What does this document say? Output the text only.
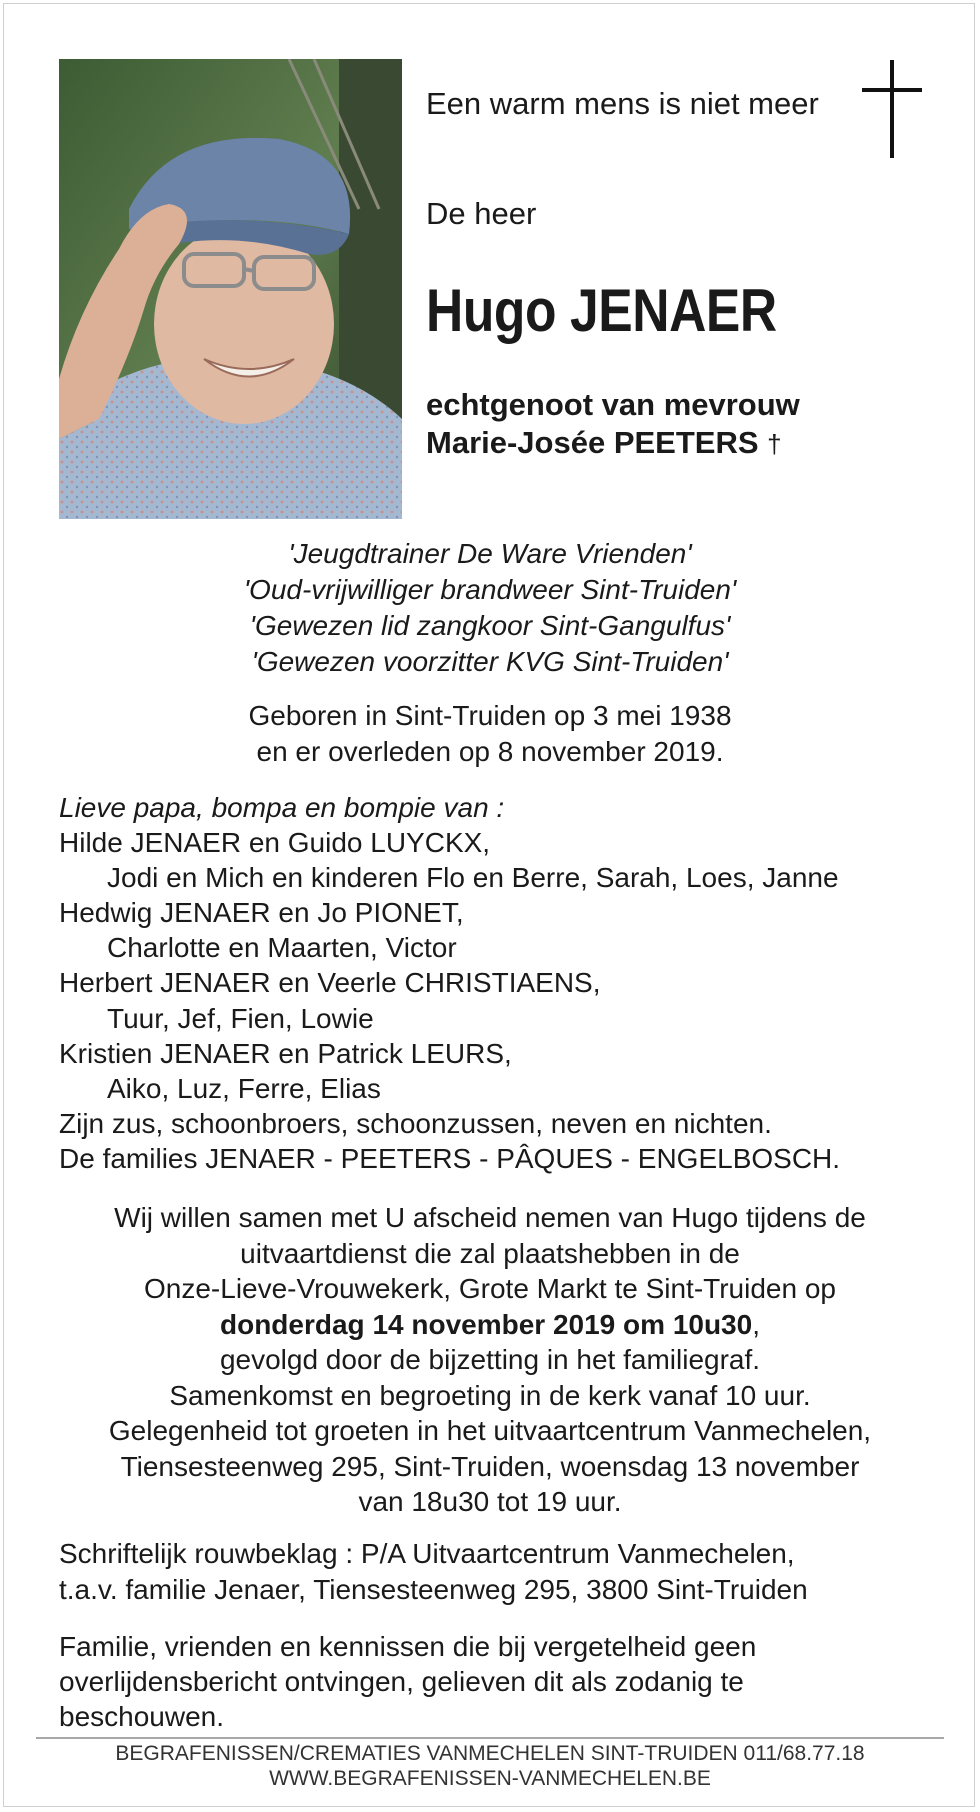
Een warm mens is niet meer
De heer
Hugo JENAER
echtgenoot van mevrouw
Marie-Josée PEETERS †
'Jeugdtrainer De Ware Vrienden'
'Oud-vrijwilliger brandweer Sint-Truiden'
'Gewezen lid zangkoor Sint-Gangulfus'
'Gewezen voorzitter KVG Sint-Truiden'
Geboren in Sint-Truiden op 3 mei 1938
en er overleden op 8 november 2019.
Lieve papa, bompa en bompie van :
Hilde JENAER en Guido LUYCKX,
Jodi en Mich en kinderen Flo en Berre, Sarah, Loes, Janne
Hedwig JENAER en Jo PIONET,
Charlotte en Maarten, Victor
Herbert JENAER en Veerle CHRISTIAENS,
Tuur, Jef, Fien, Lowie
Kristien JENAER en Patrick LEURS,
Aiko, Luz, Ferre, Elias
Zijn zus, schoonbroers, schoonzussen, neven en nichten.
De families JENAER - PEETERS - PÂQUES - ENGELBOSCH.
Wij willen samen met U afscheid nemen van Hugo tijdens de
uitvaartdienst die zal plaatshebben in de
Onze-Lieve-Vrouwekerk, Grote Markt te Sint-Truiden op
donderdag 14 november 2019 om 10u30,
gevolgd door de bijzetting in het familiegraf.
Samenkomst en begroeting in de kerk vanaf 10 uur.
Gelegenheid tot groeten in het uitvaartcentrum Vanmechelen,
Tiensesteenweg 295, Sint-Truiden, woensdag 13 november
van 18u30 tot 19 uur.
Schriftelijk rouwbeklag : P/A Uitvaartcentrum Vanmechelen,
t.a.v. familie Jenaer, Tiensesteenweg 295, 3800 Sint-Truiden
Familie, vrienden en kennissen die bij vergetelheid geen
overlijdensbericht ontvingen, gelieven dit als zodanig te
beschouwen.
BEGRAFENISSEN/CREMATIES VANMECHELEN SINT-TRUIDEN 011/68.77.18
WWW.BEGRAFENISSEN-VANMECHELEN.BE
